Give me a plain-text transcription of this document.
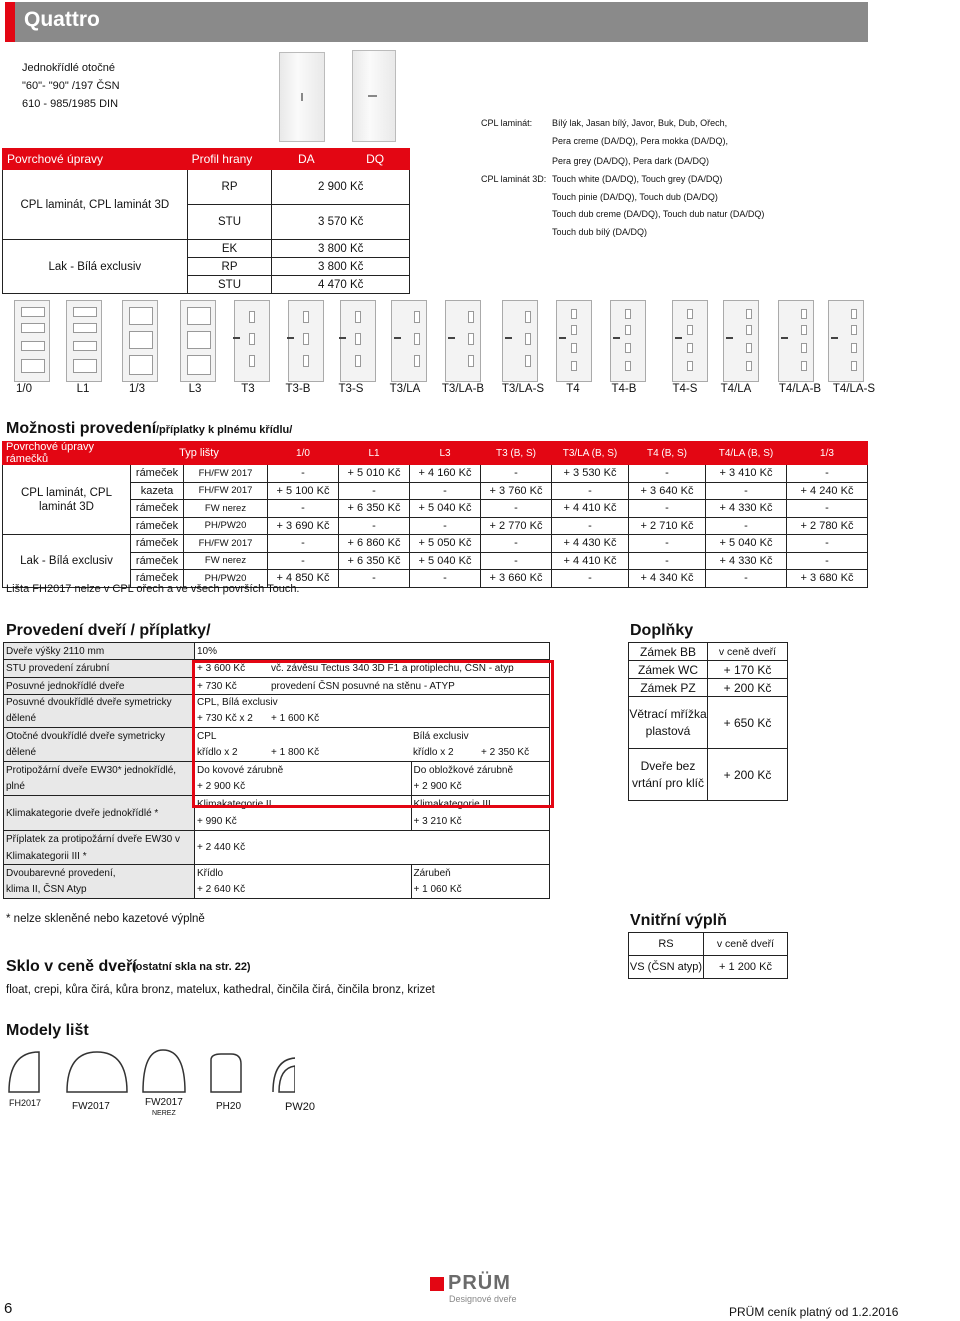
Quattro
Jednokřídlé otočné
"60"- "90" /197 ČSN
610 - 985/1985 DIN
Povrchové úpravy	Profil hrany	DA	DQ
CPL laminát, CPL laminát 3D	RP	2 900 Kč	
	STU	3 570 Kč	
Lak - Bílá exclusiv	EK	3 800 Kč	
	RP	3 800 Kč	
	STU	4 470 Kč	
CPL laminát: Bílý lak, Jasan bílý, Javor, Buk, Dub, Ořech,
Pera creme (DA/DQ), Pera mokka (DA/DQ),
Pera grey (DA/DQ), Pera dark (DA/DQ)
CPL laminát 3D: Touch white (DA/DQ), Touch grey (DA/DQ)
Touch pinie (DA/DQ), Touch dub (DA/DQ)
Touch dub creme (DA/DQ), Touch dub natur (DA/DQ)
Touch dub bílý (DA/DQ)
1/0	L1	1/3	L3	T3	T3-B	T3-S	T3/LA	T3/LA-B	T3/LA-S	T4	T4-B	T4-S	T4/LA	T4/LA-B	T4/LA-S
Možnosti provedení /příplatky k plnému křídlu/
Povrchové úpravy rámečků	Typ lišty		1/0	L1	L3	T3 (B, S)	T3/LA (B, S)	T4 (B, S)	T4/LA (B, S)	1/3

CPL laminát, CPL
laminát 3D	rámeček	FH/FW 2017	-	+ 5 010 Kč	+ 4 160 Kč	-	+ 3 530 Kč	-	+ 3 410 Kč	-
	kazeta	FH/FW 2017	+ 5 100 Kč	-	-	+ 3 760 Kč	-	+ 3 640 Kč	-	+ 4 240 Kč
	rámeček	FW nerez	-	+ 6 350 Kč	+ 5 040 Kč	-	+ 4 410 Kč	-	+ 4 330 Kč	-
	rámeček	PH/PW20	+ 3 690 Kč	-	-	+ 2 770 Kč	-	+ 2 710 Kč	-	+ 2 780 Kč
Lak - Bílá exclusiv	rámeček	FH/FW 2017	-	+ 6 860 Kč	+ 5 050 Kč	-	+ 4 430 Kč	-	+ 5 040 Kč	-
	rámeček	FW nerez	-	+ 6 350 Kč	+ 5 040 Kč	-	+ 4 410 Kč	-	+ 4 330 Kč	-
	rámeček	PH/PW20	+ 4 850 Kč	-	-	+ 3 660 Kč	-	+ 4 340 Kč	-	+ 3 680 Kč
Lišta FH2017 nelze v CPL ořech a ve všech površích Touch.
Provedení dveří / příplatky/
Dveře výšky 2110 mm	10%			
STU provedení zárubní	+ 3 600 Kč	vč. závěsu Tectus 340 3D F1 a protiplechu, ČSN - atyp		
Posuvné jednokřídlé dveře	+ 730 Kč	provedení ČSN posuvné na stěnu - ATYP		
Posuvné dvoukřídlé dveře symetricky	CPL, Bílá exclusiv			
dělené	+ 730 Kč x 2	+ 1 600 Kč		
Otočné dvoukřídlé dveře symetricky	CPL		Bílá exclusiv	
dělené	křídlo x 2	+ 1 800 Kč	křídlo x 2	+ 2 350 Kč
Protipožární dveře EW30* jednokřídlé,	Do kovové zárubně		Do obložkové zárubně	
plné	+ 2 900 Kč		+ 2 900 Kč	
Klimakategorie dveře jednokřídlé *	Klimakategorie II		Klimakategorie III	
	+ 990 Kč		+ 3 210 Kč	
Příplatek za protipožární dveře EW30 v	+ 2 440 Kč			
Klimakategorii III *				
Dvoubarevné provedení,	Křídlo		Zárubeň	
klima II, ČSN Atyp	+ 2 640 Kč		+ 1 060 Kč	
* nelze skleněné nebo kazetové výplně
Doplňky
Zámek BB	v ceně dveří
Zámek WC	+ 170 Kč
Zámek PZ	+ 200 Kč
Větrací mřížka plastová	+ 650 Kč
Dveře bez vrtání pro klíč	+ 200 Kč
Vnitřní výplň
RS	v ceně dveří
VS (ČSN atyp)	+ 1 200 Kč
Sklo v ceně dveří
(ostatní skla na str. 22)
float, crepi, kůra čirá, kůra bronz, matelux, kathedral, činčila čirá, činčila bronz, krizet
Modely lišt
FH2017	FW2017	FW2017
NEREZ
PH20	PW20
PRÜM
Designové dveře
6	PRÜM ceník platný od 1.2.2016
